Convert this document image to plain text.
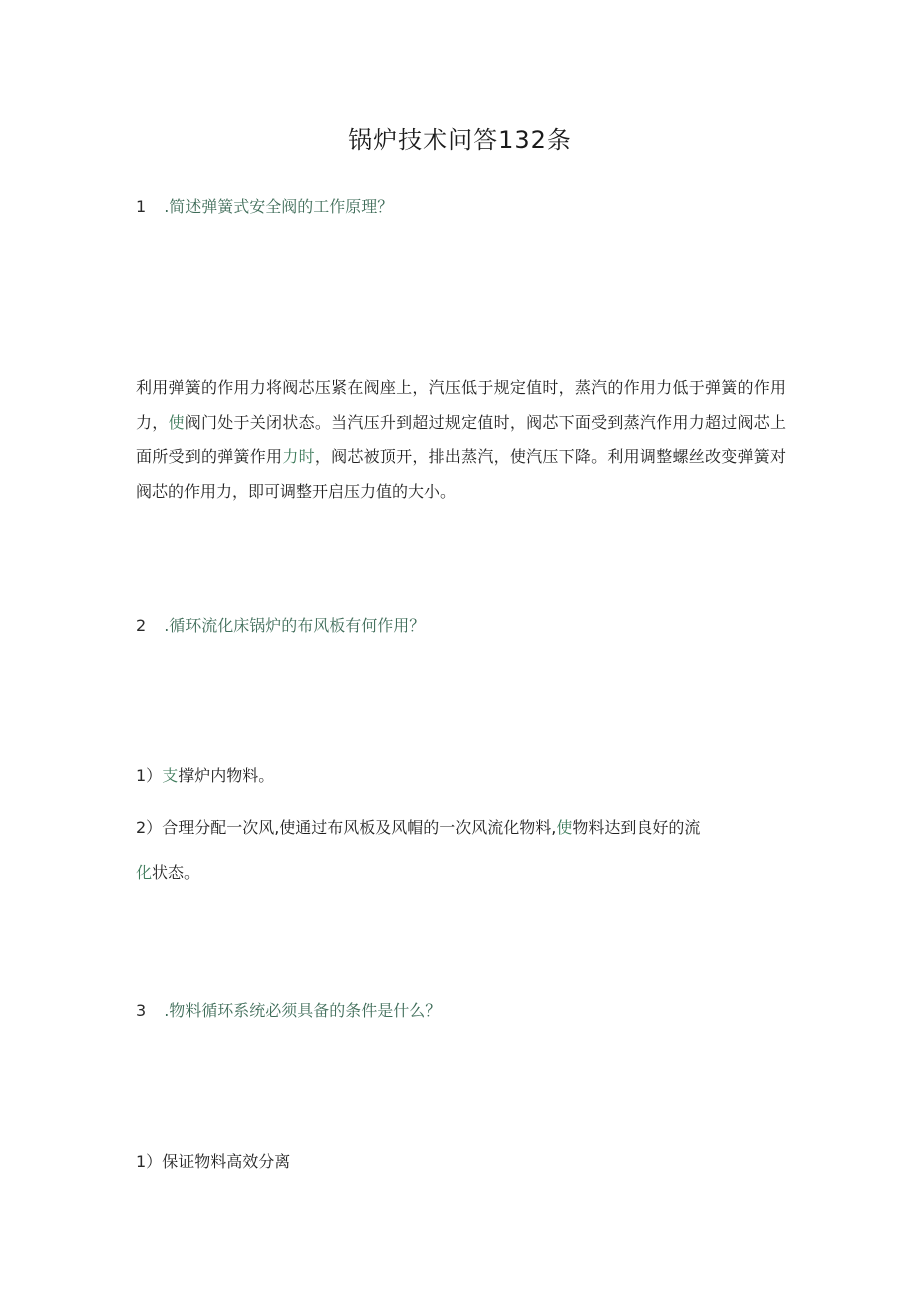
锅炉技术问答132条
1 .简述弹簧式安全阀的工作原理？
利用弹簧的作用力将阀芯压紧在阀座上，汽压低于规定值时，蒸汽的作用力低于弹簧的作用力，使阀门处于关闭状态。当汽压升到超过规定值时，阀芯下面受到蒸汽作用力超过阀芯上面所受到的弹簧作用力时，阀芯被顶开，排出蒸汽，使汽压下降。利用调整螺丝改变弹簧对阀芯的作用力，即可调整开启压力值的大小。
2 .循环流化床锅炉的布风板有何作用？
1）支撑炉内物料。
2）合理分配一次风,使通过布风板及风帽的一次风流化物料,使物料达到良好的流
化状态。
3 .物料循环系统必须具备的条件是什么？
1）保证物料高效分离
